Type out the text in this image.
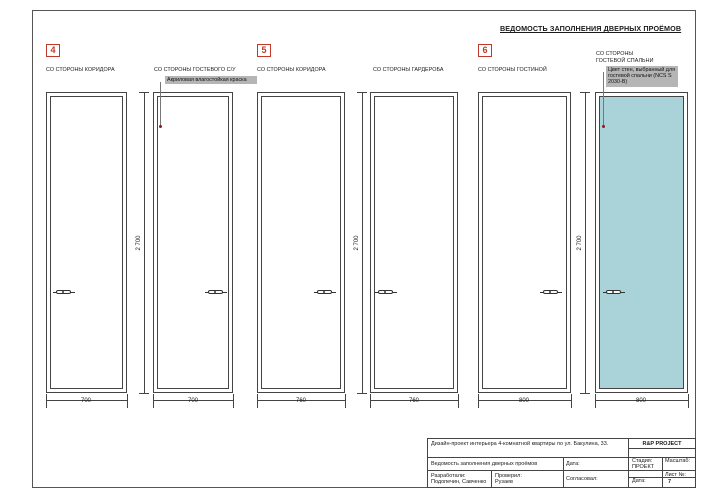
ВЕДОМОСТЬ ЗАПОЛНЕНИЯ ДВЕРНЫХ ПРОЁМОВ
4	5	6
СО СТОРОНЫ КОРИДОРА	СО СТОРОНЫ ГОСТЕВОГО С/У	СО СТОРОНЫ КОРИДОРА	СО СТОРОНЫ ГАРДЕРОБА	СО СТОРОНЫ ГОСТИНОЙ
СО СТОРОНЫ ГОСТЕВОЙ СПАЛЬНИ
2 700	2 700	2 700
700	700	760	760	800	800
Акриловая влагостойкая краска
Цвет стен, выбранный для гостевой спальни (NCS S 2030-B)
Дизайн-проект интерьера 4-комнатной квартиры по ул. Бакулина, 33.	R&P PROJECT
Ведомость заполнения дверных проёмов	Дата:
Стадия:	Масштаб:
ПРОЕКТ
Разработали:
Подопечин, Савченко
Проверил:
Рузаев	Согласовал:	Дата:
Лист №:
7
